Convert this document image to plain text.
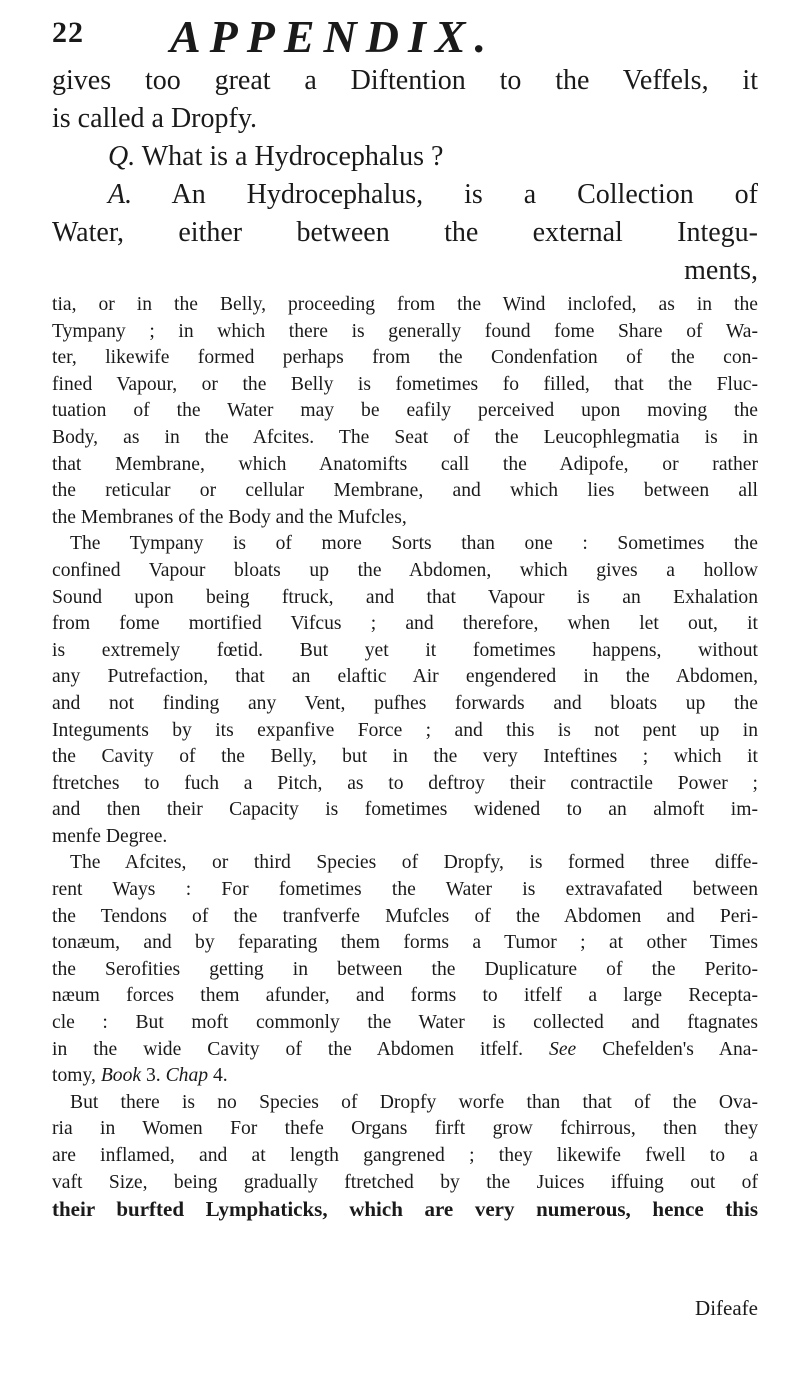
22 APPENDIX.

gives too great a Diftention to the Veffels, it

is called a Dropfy.

Q. What is a Hydrocephalus ?

A. An Hydrocephalus, is a Collection of

Water, either between the external Integu-

ments,

tia, or in the Belly, proceeding from the Wind inclofed, as in the

Tympany ; in which there is generally found fome Share of Wa-

ter, likewife formed perhaps from the Condenfation of the con-

fined Vapour, or the Belly is fometimes fo filled, that the Fluc-

tuation of the Water may be eafily perceived upon moving the

Body, as in the Afcites. The Seat of the Leucophlegmatia is in

that Membrane, which Anatomifts call the Adipofe, or rather

the reticular or cellular Membrane, and which lies between all

the Membranes of the Body and the Mufcles,

The Tympany is of more Sorts than one : Sometimes the

confined Vapour bloats up the Abdomen, which gives a hollow

Sound upon being ftruck, and that Vapour is an Exhalation

from fome mortified Vifcus ; and therefore, when let out, it

is extremely fœtid. But yet it fometimes happens, without

any Putrefaction, that an elaftic Air engendered in the Abdomen,

and not finding any Vent, pufhes forwards and bloats up the

Integuments by its expanfive Force ; and this is not pent up in

the Cavity of the Belly, but in the very Inteftines ; which it

ftretches to fuch a Pitch, as to deftroy their contractile Power ;

and then their Capacity is fometimes widened to an almoft im-

menfe Degree.

The Afcites, or third Species of Dropfy, is formed three diffe-

rent Ways : For fometimes the Water is extravafated between

the Tendons of the tranfverfe Mufcles of the Abdomen and Peri-

tonæum, and by feparating them forms a Tumor ; at other Times

the Serofities getting in between the Duplicature of the Perito-

næum forces them afunder, and forms to itfelf a large Recepta-

cle : But moft commonly the Water is collected and ftagnates

in the wide Cavity of the Abdomen itfelf. See Chefelden's Ana-

tomy, Book 3. Chap 4.

But there is no Species of Dropfy worfe than that of the Ova-

ria in Women For thefe Organs firft grow fchirrous, then they

are inflamed, and at length gangrened ; they likewife fwell to a

vaft Size, being gradually ftretched by the Juices iffuing out of

their burfted Lymphaticks, which are very numerous, hence this

Difeafe
